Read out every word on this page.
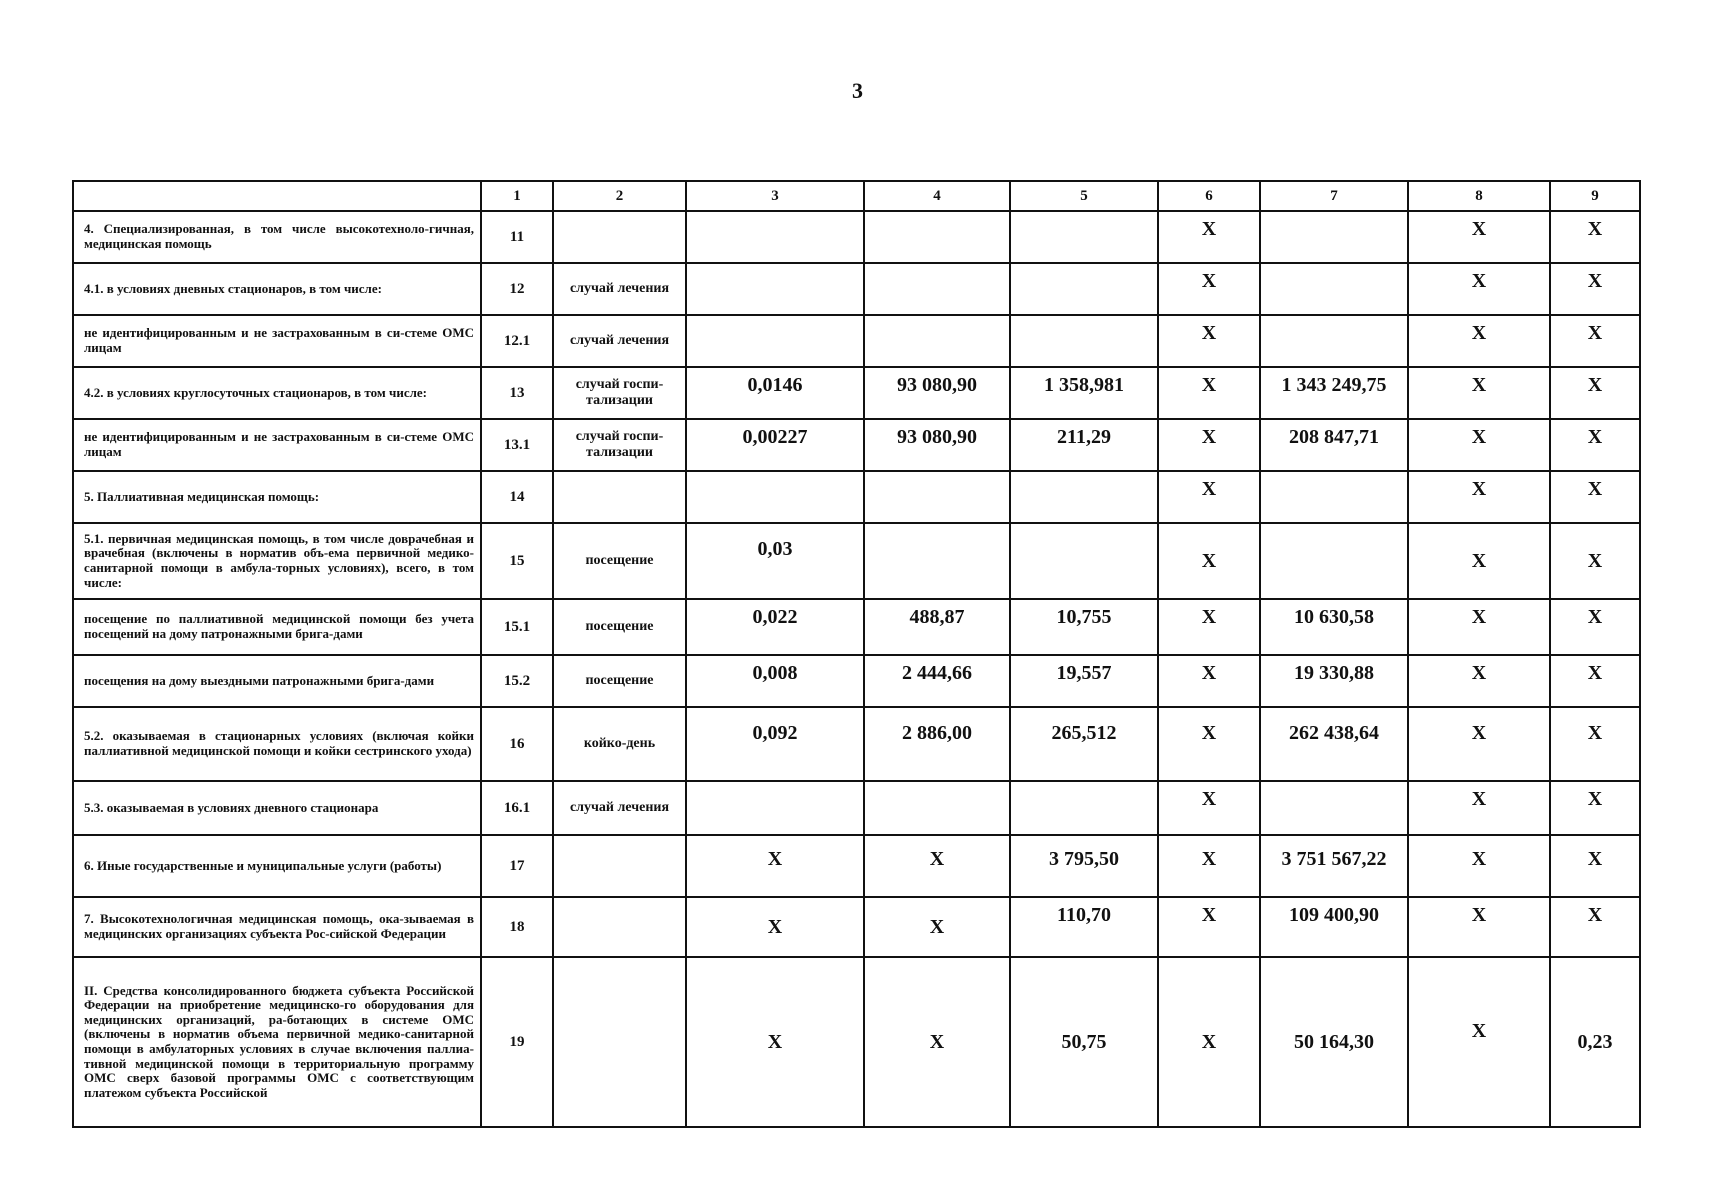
3
	1	2	3	4	5	6	7	8	9
4. Специализированная, в том числе высокотехноло-гичная, медицинская помощь	11					X		X	X
4.1. в условиях дневных стационаров, в том числе:	12	случай лечения				X		X	X
не идентифицированным и не застрахованным в си-стеме ОМС лицам	12.1	случай лечения				X		X	X
4.2. в условиях круглосуточных стационаров, в том числе:	13	случай госпи-тализации	0,0146	93 080,90	1 358,981	X	1 343 249,75	X	X
не идентифицированным и не застрахованным в си-стеме ОМС лицам	13.1	случай госпи-тализации	0,00227	93 080,90	211,29	X	208 847,71	X	X
5. Паллиативная медицинская помощь:	14					X		X	X
5.1. первичная медицинская помощь, в том числе доврачебная и врачебная (включены в норматив объ-ема первичной медико-санитарной помощи в амбула-торных условиях), всего, в том числе:	15	посещение	0,03			X		X	X
посещение по паллиативной медицинской помощи без учета посещений на дому патронажными брига-дами	15.1	посещение	0,022	488,87	10,755	X	10 630,58	X	X
посещения на дому выездными патронажными брига-дами	15.2	посещение	0,008	2 444,66	19,557	X	19 330,88	X	X
5.2. оказываемая в стационарных условиях (включая койки паллиативной медицинской помощи и койки сестринского ухода)	16	койко-день	0,092	2 886,00	265,512	X	262 438,64	X	X
5.3. оказываемая в условиях дневного стационара	16.1	случай лечения				X		X	X
6. Иные государственные и муниципальные услуги (работы)	17		X	X	3 795,50	X	3 751 567,22	X	X
7. Высокотехнологичная медицинская помощь, ока-зываемая в медицинских организациях субъекта Рос-сийской Федерации	18		X	X	110,70	X	109 400,90	X	X
II. Средства консолидированного бюджета субъекта Российской Федерации на приобретение медицинско-го оборудования для медицинских организаций, ра-ботающих в системе ОМС (включены в норматив объема первичной медико-санитарной помощи в амбулаторных условиях в случае включения паллиа-тивной медицинской помощи в территориальную программу ОМС сверх базовой программы ОМС с соответствующим платежом субъекта Российской	19		X	X	50,75	X	50 164,30	X	0,23
